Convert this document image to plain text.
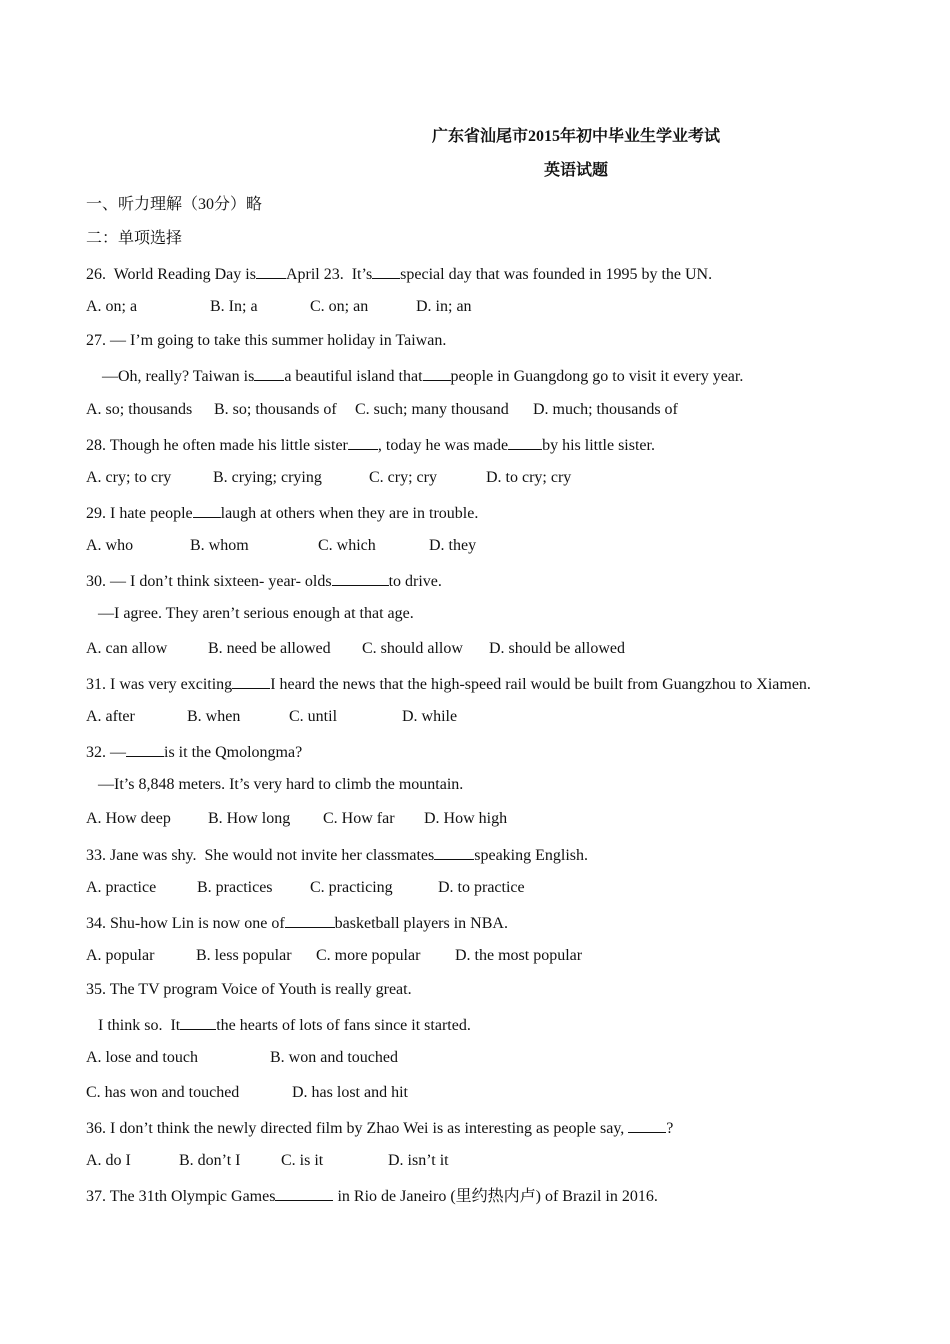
广东省汕尾市2015年初中毕业生学业考试
英语试题
一、听力理解（30分）略
二：单项选择
26.  World Reading Day is April 23.  It’s special day that was founded in 1995 by the UN.
A. on; a	B. In; a	C. on; an	D. in; an
27. — I’m going to take this summer holiday in Taiwan.
—Oh, really? Taiwan is a beautiful island that people in Guangdong go to visit it every year.
A. so; thousands B. so; thousands of C. such; many thousand D. much; thousands of
28. Though he often made his little sister , today he was made by his little sister.
A. cry; to cry	B. crying; crying	C. cry; cry	D. to cry; cry
29. I hate people laugh at others when they are in trouble.
A. who	B. whom	C. which	D. they
30. — I don’t think sixteen- year- olds	to drive.
—I agree. They aren’t serious enough at that age.
A. can allow	B. need be allowed C. should allow D. should be allowed
31. I was very exciting I heard the news that the high-speed rail would be built from Guangzhou to Xiamen.
A. after	B. when	C. until	D. while
32. — is it the Qmolongma?
—It’s 8,848 meters. It’s very hard to climb the mountain.
A. How deep B. How long C. How far D. How high
33. Jane was shy.  She would not invite her classmates	speaking English.
A. practice	B. practices C. practicing	D. to practice
34. Shu-how Lin is now one of	basketball players in NBA.
A. popular	B. less popular C. more popular D. the most popular
35. The TV program Voice of Youth is really great.
I think so.  It the hearts of lots of fans since it started.
A. lose and touch	B. won and touched
C. has won and touched	D. has lost and hit
36. I don’t think the newly directed film by Zhao Wei is as interesting as people say,	?
A. do I	B. don’t I	C. is it	D. isn’t it
37. The 31th Olympic Games	in Rio de Janeiro (里约热内卢) of Brazil in 2016.
